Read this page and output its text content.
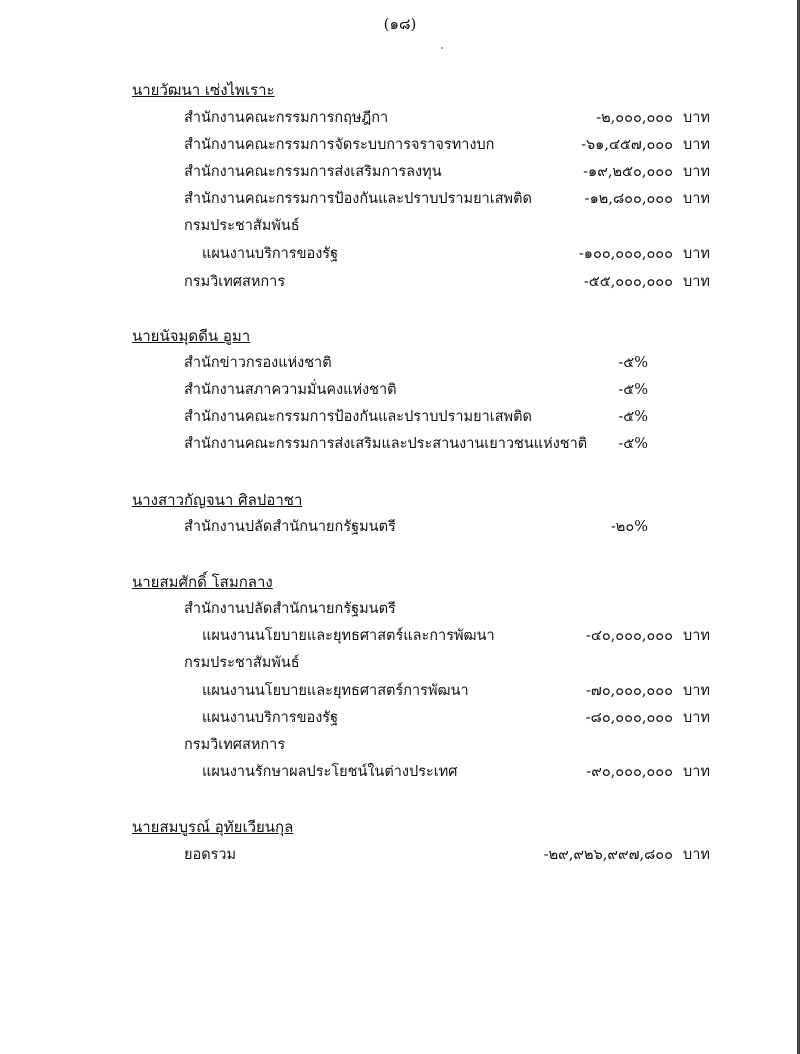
(๑๘)
นายวัฒนา เซ่งไพเราะ
สำนักงานคณะกรรมการกฤษฎีกา	-๒,๐๐๐,๐๐๐ บาท
สำนักงานคณะกรรมการจัดระบบการจราจรทางบก	-๖๑,๔๕๗,๐๐๐ บาท
สำนักงานคณะกรรมการส่งเสริมการลงทุน	-๑๙,๒๕๐,๐๐๐ บาท
สำนักงานคณะกรรมการป้องกันและปราบปรามยาเสพติด	-๑๒,๘๐๐,๐๐๐ บาท
กรมประชาสัมพันธ์
แผนงานบริการของรัฐ	-๑๐๐,๐๐๐,๐๐๐ บาท
กรมวิเทศสหการ	-๕๕,๐๐๐,๐๐๐ บาท
นายนัจมุดดีน อูมา
สำนักข่าวกรองแห่งชาติ	-๕%
สำนักงานสภาความมั่นคงแห่งชาติ	-๕%
สำนักงานคณะกรรมการป้องกันและปราบปรามยาเสพติด	-๕%
สำนักงานคณะกรรมการส่งเสริมและประสานงานเยาวชนแห่งชาติ -๕%
นางสาวกัญจนา ศิลปอาชา
สำนักงานปลัดสำนักนายกรัฐมนตรี	-๒๐%
นายสมศักดิ์ โสมกลาง
สำนักงานปลัดสำนักนายกรัฐมนตรี
แผนงานนโยบายและยุทธศาสตร์และการพัฒนา	-๔๐,๐๐๐,๐๐๐ บาท
กรมประชาสัมพันธ์
แผนงานนโยบายและยุทธศาสตร์การพัฒนา	-๗๐,๐๐๐,๐๐๐ บาท
แผนงานบริการของรัฐ	-๘๐,๐๐๐,๐๐๐ บาท
กรมวิเทศสหการ
แผนงานรักษาผลประโยชน์ในต่างประเทศ	-๙๐,๐๐๐,๐๐๐ บาท
นายสมบูรณ์ อุทัยเวียนกุล
ยอดรวม	-๒๙,๙๒๖,๙๙๗,๘๐๐ บาท
